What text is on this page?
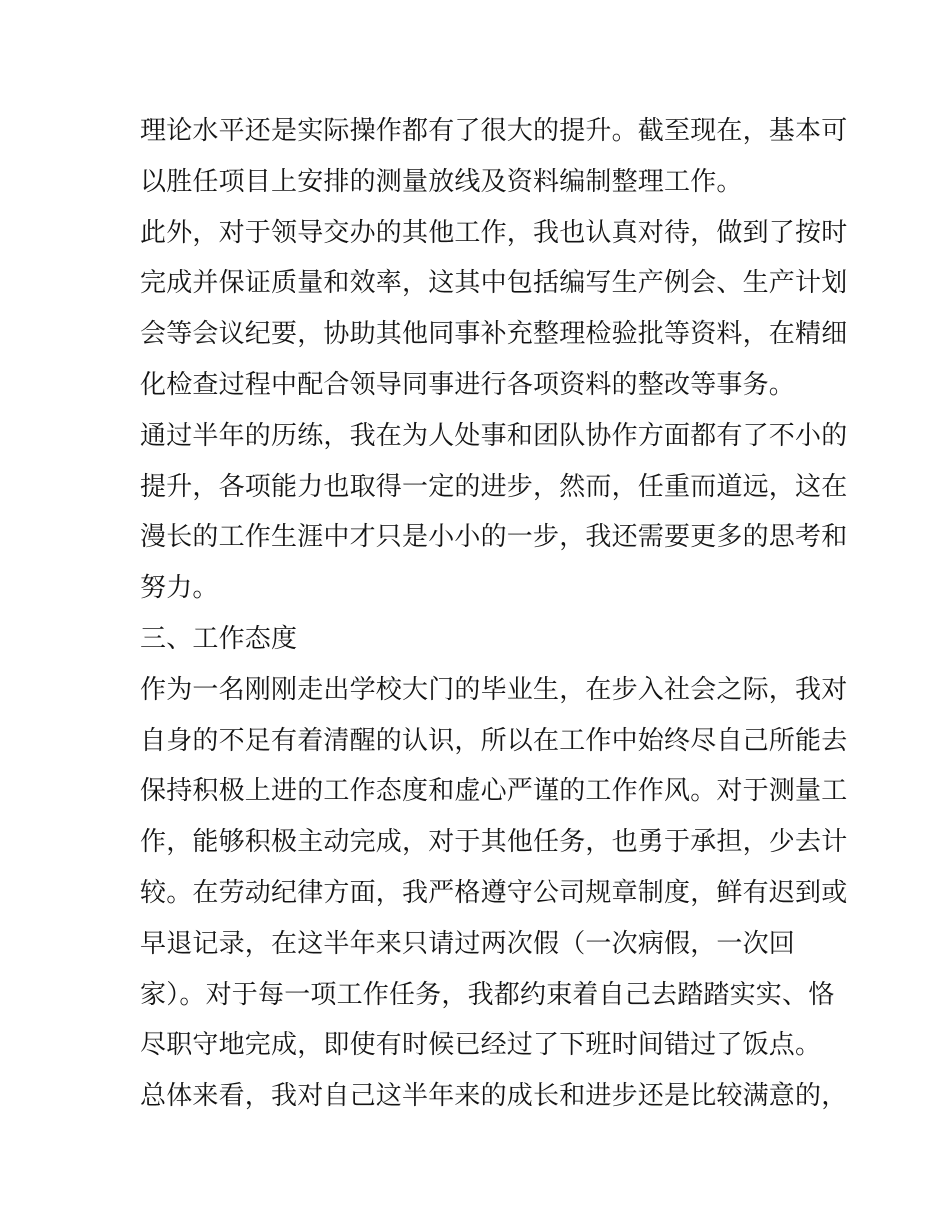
理论水平还是实际操作都有了很大的提升。截至现在，基本可
以胜任项目上安排的测量放线及资料编制整理工作。
此外，对于领导交办的其他工作，我也认真对待，做到了按时
完成并保证质量和效率，这其中包括编写生产例会、生产计划
会等会议纪要，协助其他同事补充整理检验批等资料，在精细
化检查过程中配合领导同事进行各项资料的整改等事务。
通过半年的历练，我在为人处事和团队协作方面都有了不小的
提升，各项能力也取得一定的进步，然而，任重而道远，这在
漫长的工作生涯中才只是小小的一步，我还需要更多的思考和
努力。
三、工作态度
作为一名刚刚走出学校大门的毕业生，在步入社会之际，我对
自身的不足有着清醒的认识，所以在工作中始终尽自己所能去
保持积极上进的工作态度和虚心严谨的工作作风。对于测量工
作，能够积极主动完成，对于其他任务，也勇于承担，少去计
较。在劳动纪律方面，我严格遵守公司规章制度，鲜有迟到或
早退记录，在这半年来只请过两次假（一次病假，一次回
家）。对于每一项工作任务，我都约束着自己去踏踏实实、恪
尽职守地完成，即使有时候已经过了下班时间错过了饭点。
总体来看，我对自己这半年来的成长和进步还是比较满意的，
